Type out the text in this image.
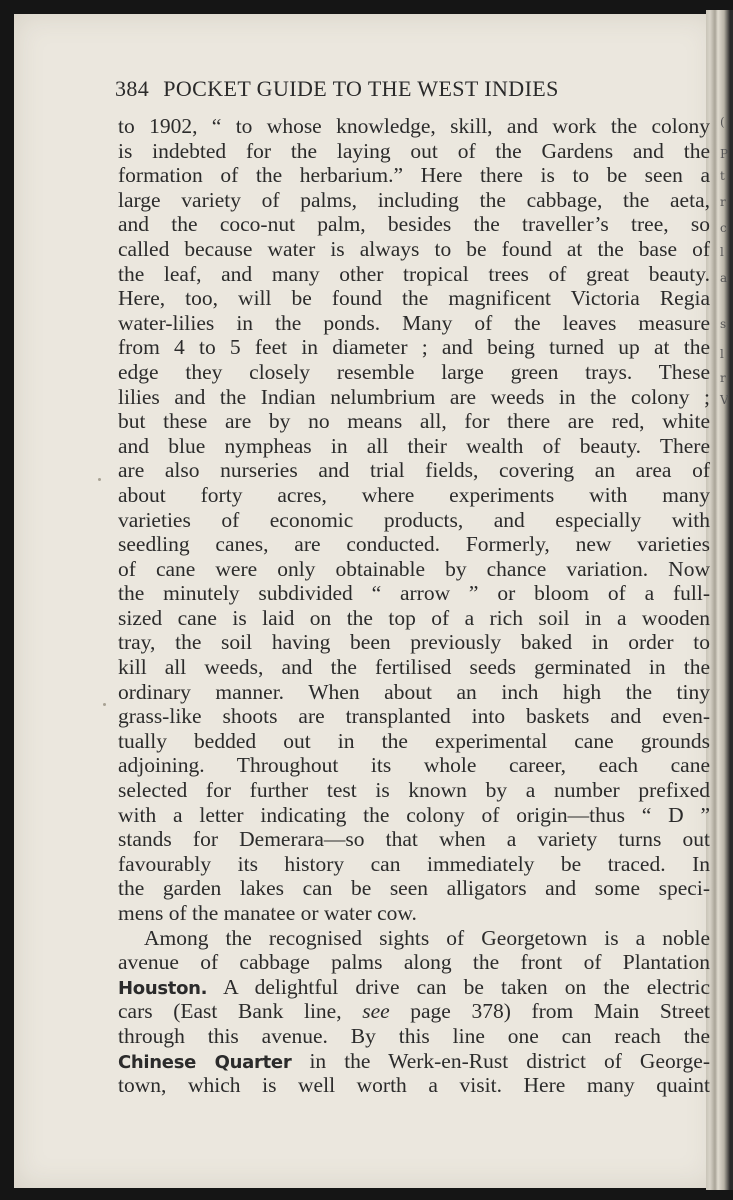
(
P
t
r
c
l
a
s
l
r
V
384 POCKET GUIDE TO THE WEST INDIES
to 1902, “ to whose knowledge, skill, and work the colony
is indebted for the laying out of the Gardens and the
formation of the herbarium.” Here there is to be seen a
large variety of palms, including the cabbage, the aeta,
and the coco-nut palm, besides the traveller’s tree, so
called because water is always to be found at the base of
the leaf, and many other tropical trees of great beauty.
Here, too, will be found the magnificent Victoria Regia
water-lilies in the ponds. Many of the leaves measure
from 4 to 5 feet in diameter ; and being turned up at the
edge they closely resemble large green trays. These
lilies and the Indian nelumbrium are weeds in the colony ;
but these are by no means all, for there are red, white
and blue nympheas in all their wealth of beauty. There
are also nurseries and trial fields, covering an area of
about forty acres, where experiments with many
varieties of economic products, and especially with
seedling canes, are conducted. Formerly, new varieties
of cane were only obtainable by chance variation. Now
the minutely subdivided “ arrow ” or bloom of a full-
sized cane is laid on the top of a rich soil in a wooden
tray, the soil having been previously baked in order to
kill all weeds, and the fertilised seeds germinated in the
ordinary manner. When about an inch high the tiny
grass-like shoots are transplanted into baskets and even-
tually bedded out in the experimental cane grounds
adjoining. Throughout its whole career, each cane
selected for further test is known by a number prefixed
with a letter indicating the colony of origin—thus “ D ”
stands for Demerara—so that when a variety turns out
favourably its history can immediately be traced. In
the garden lakes can be seen alligators and some speci-
mens of the manatee or water cow.
Among the recognised sights of Georgetown is a noble
avenue of cabbage palms along the front of Plantation
Houston. A delightful drive can be taken on the electric
cars (East Bank line, see page 378) from Main Street
through this avenue. By this line one can reach the
Chinese Quarter in the Werk-en-Rust district of George-
town, which is well worth a visit. Here many quaint
